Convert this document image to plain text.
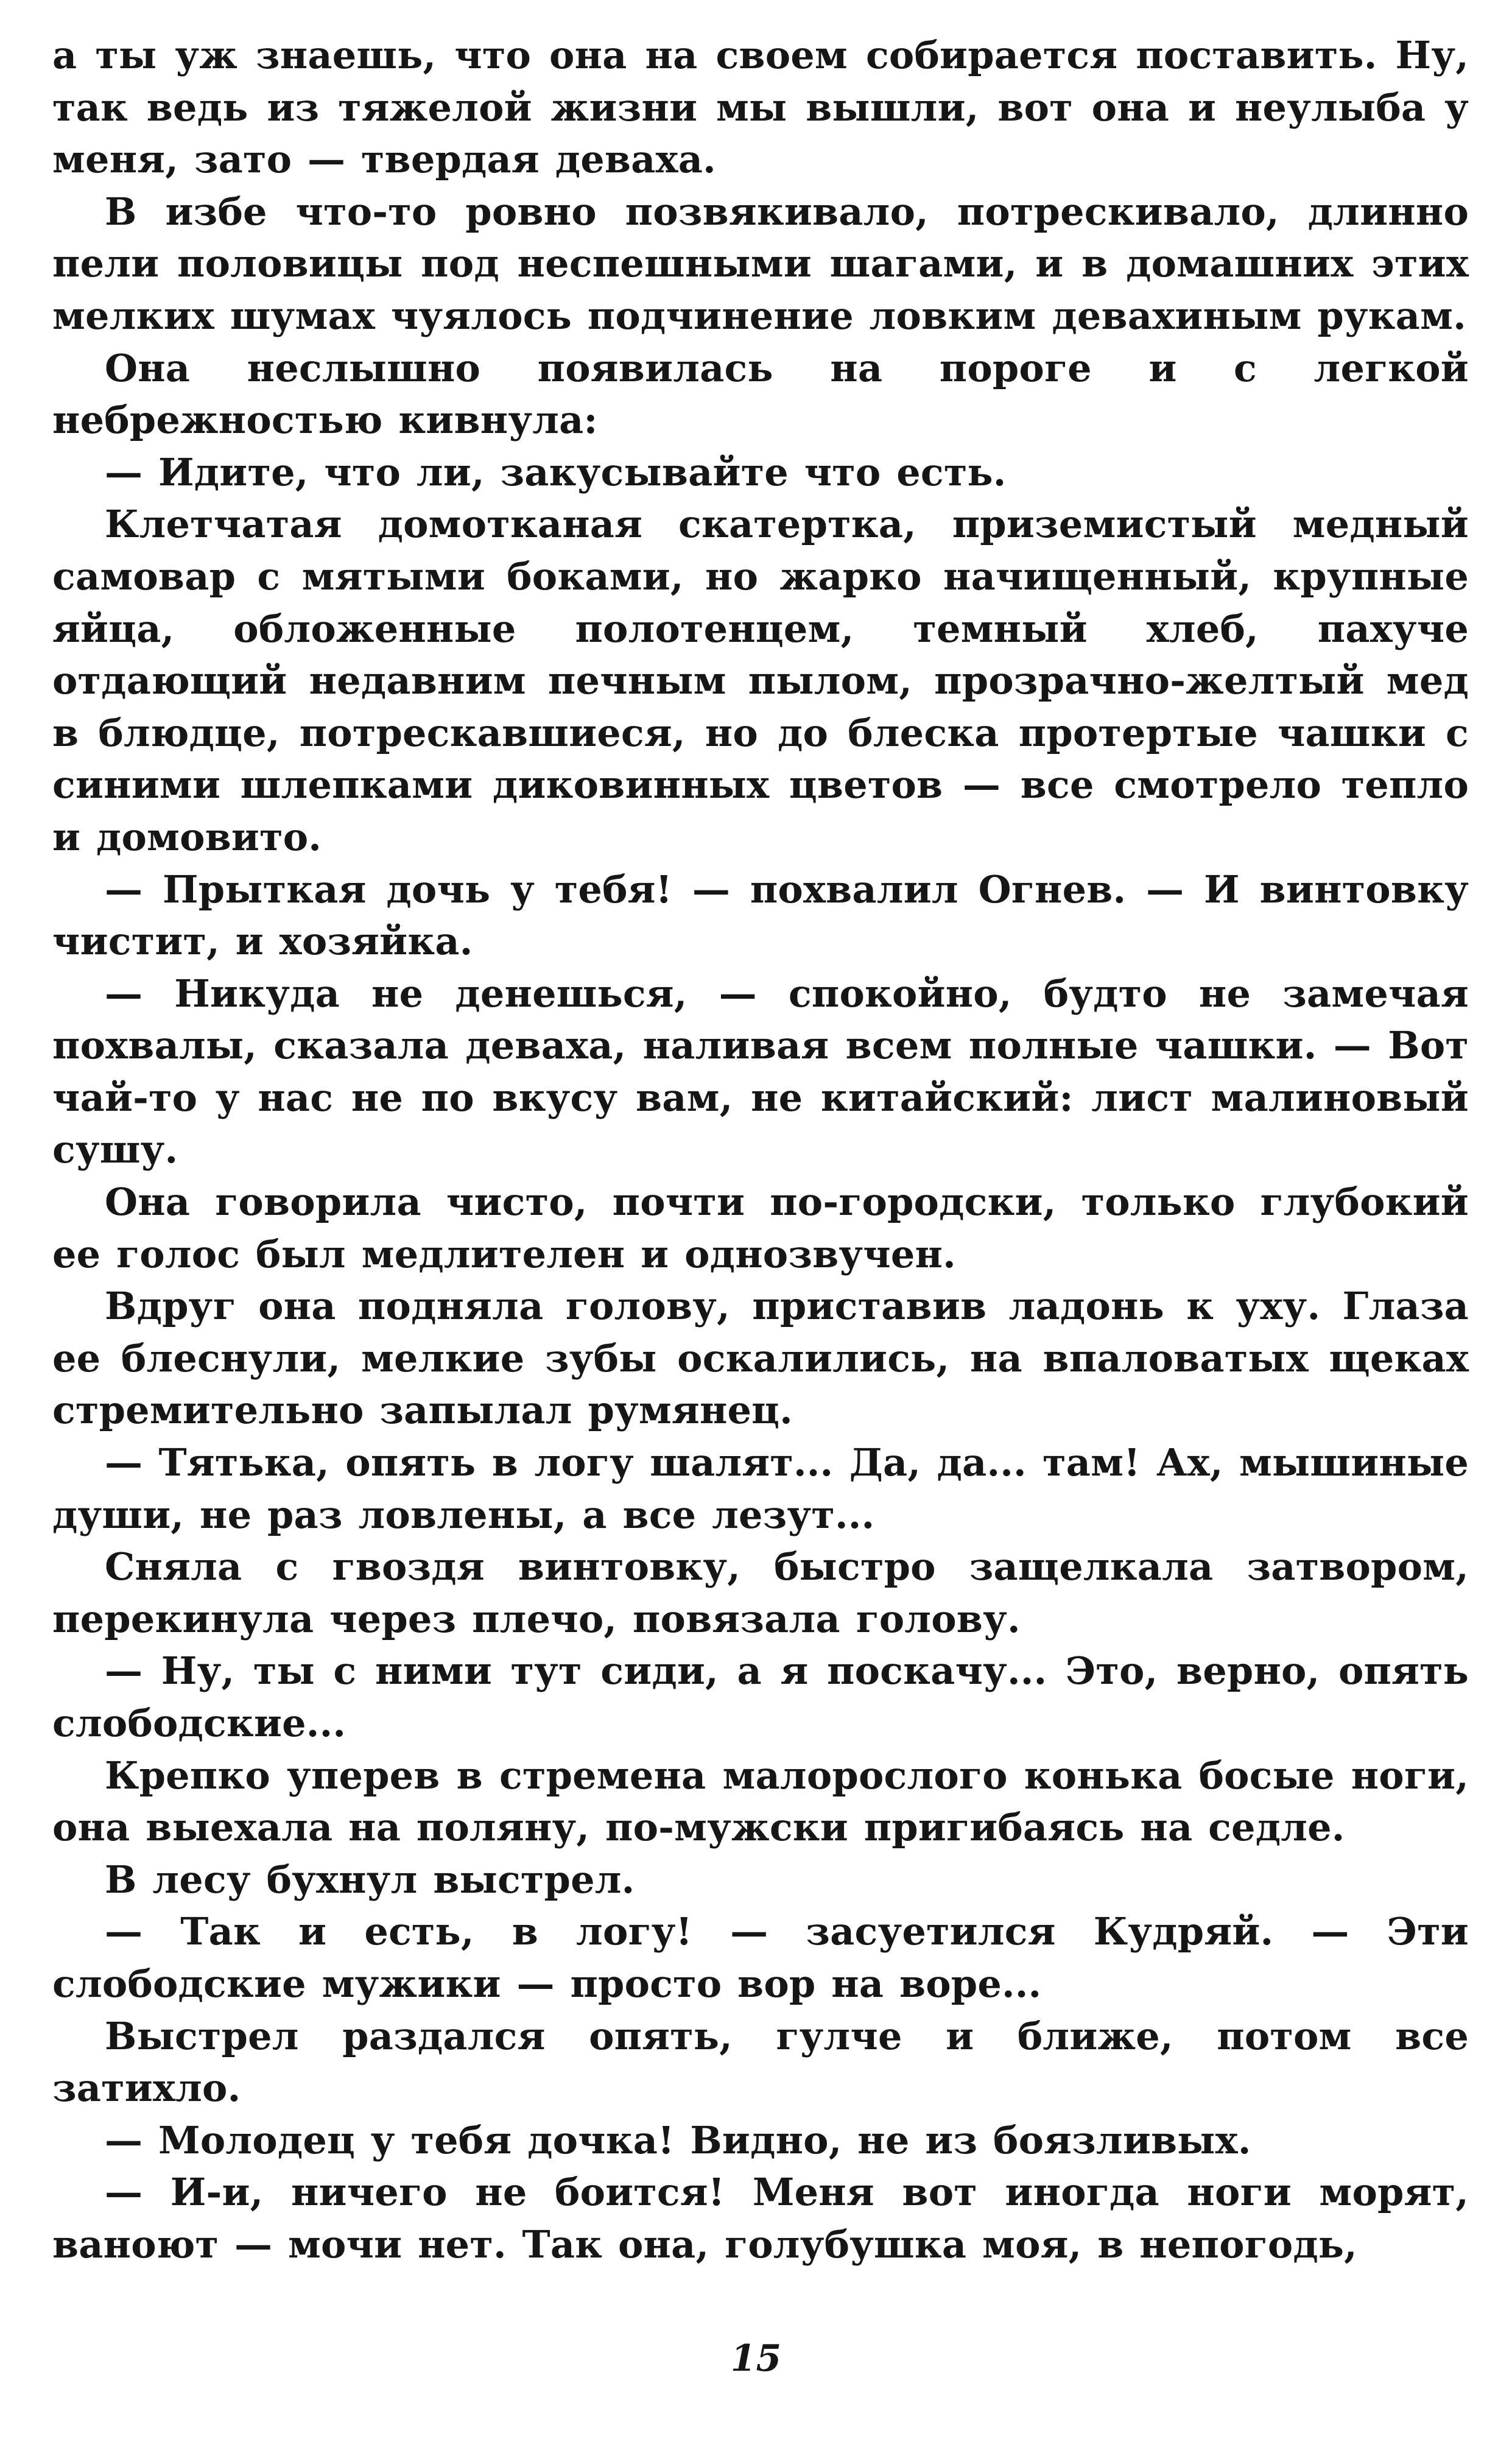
а ты уж знаешь, что она на своем собирается поставить. Ну, так ведь из тяжелой жизни мы вышли, вот она и неулыба у меня, зато — твердая деваха.

В избе что-то ровно позвякивало, потрескивало, длинно пели половицы под неспешными шагами, и в домашних этих мелких шумах чуялось подчинение ловким девахиным рукам.

Она неслышно появилась на пороге и с легкой небрежностью кивнула:

— Идите, что ли, закусывайте что есть.

Клетчатая домотканая скатертка, приземистый медный самовар с мятыми боками, но жарко начищенный, крупные яйца, обложенные полотенцем, темный хлеб, пахуче отдающий недавним печным пылом, прозрачно-желтый мед в блюдце, потрескавшиеся, но до блеска протертые чашки с синими шлепками диковинных цветов — все смотрело тепло и домовито.

— Прыткая дочь у тебя! — похвалил Огнев. — И винтовку чистит, и хозяйка.

— Никуда не денешься, — спокойно, будто не замечая похвалы, сказала деваха, наливая всем полные чашки. — Вот чай-то у нас не по вкусу вам, не китайский: лист малиновый сушу.

Она говорила чисто, почти по-городски, только глубокий ее голос был медлителен и однозвучен.

Вдруг она подняла голову, приставив ладонь к уху. Глаза ее блеснули, мелкие зубы оскалились, на впаловатых щеках стремительно запылал румянец.

— Тятька, опять в логу шалят... Да, да... там! Ах, мышиные души, не раз ловлены, а все лезут...

Сняла с гвоздя винтовку, быстро защелкала затвором, перекинула через плечо, повязала голову.

— Ну, ты с ними тут сиди, а я поскачу... Это, верно, опять слободские...

Крепко уперев в стремена малорослого конька босые ноги, она выехала на поляну, по-мужски пригибаясь на седле.

В лесу бухнул выстрел.

— Так и есть, в логу! — засуетился Кудряй. — Эти слободские мужики — просто вор на воре...

Выстрел раздался опять, гулче и ближе, потом все затихло.

— Молодец у тебя дочка! Видно, не из боязливых.

— И-и, ничего не боится! Меня вот иногда ноги морят, ваноют — мочи нет. Так она, голубушка моя, в непогодь,

15
